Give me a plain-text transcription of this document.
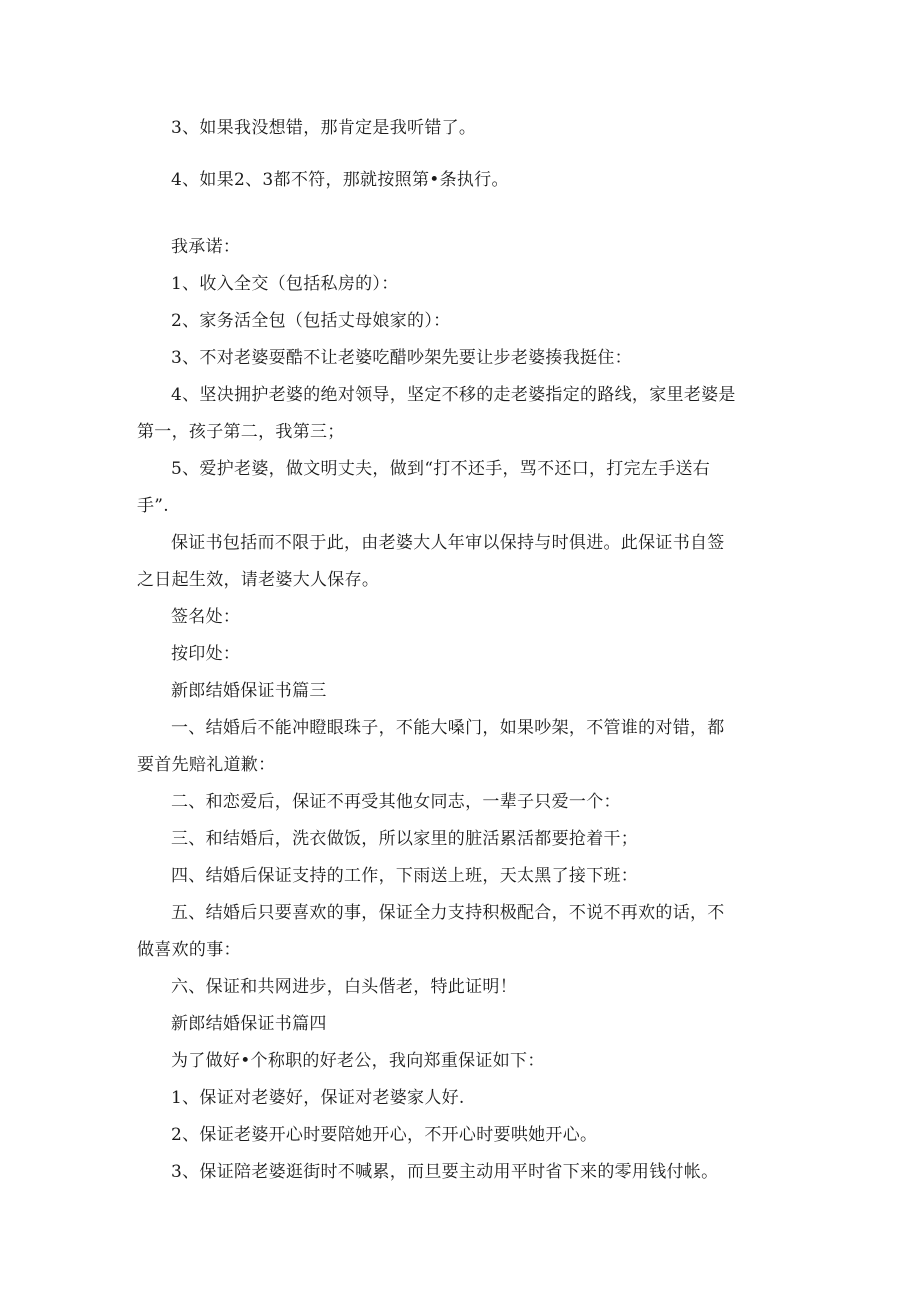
3、如果我没想错，那肯定是我听错了。
4、如果2、3都不符，那就按照第•条执行。
我承诺：
1、收入全交（包括私房的）：
2、家务活全包（包括丈母娘家的）：
3、不对老婆耍酷不让老婆吃醋吵架先要让步老婆揍我挺住：
4、坚决拥护老婆的绝对领导，坚定不移的走老婆指定的路线，家里老婆是
第一，孩子第二，我第三；
5、爱护老婆，做文明丈夫，做到“打不还手，骂不还口，打完左手送右
手”.
保证书包括而不限于此，由老婆大人年审以保持与时俱进。此保证书自签
之日起生效，请老婆大人保存。
签名处：
按印处：
新郎结婚保证书篇三
一、结婚后不能冲瞪眼珠子，不能大嗓门，如果吵架，不管谁的对错，都
要首先赔礼道歉：
二、和恋爱后，保证不再受其他女同志，一辈子只爱一个：
三、和结婚后，洗衣做饭，所以家里的脏活累活都要抢着干；
四、结婚后保证支持的工作，下雨送上班，天太黑了接下班：
五、结婚后只要喜欢的事，保证全力支持积极配合，不说不再欢的话，不
做喜欢的事：
六、保证和共网进步，白头偕老，特此证明！
新郎结婚保证书篇四
为了做好•个称职的好老公，我向郑重保证如下：
1、保证对老婆好，保证对老婆家人好.
2、保证老婆开心时要陪她开心，不开心时要哄她开心。
3、保证陪老婆逛街时不喊累，而旦要主动用平时省下来的零用钱付帐。
